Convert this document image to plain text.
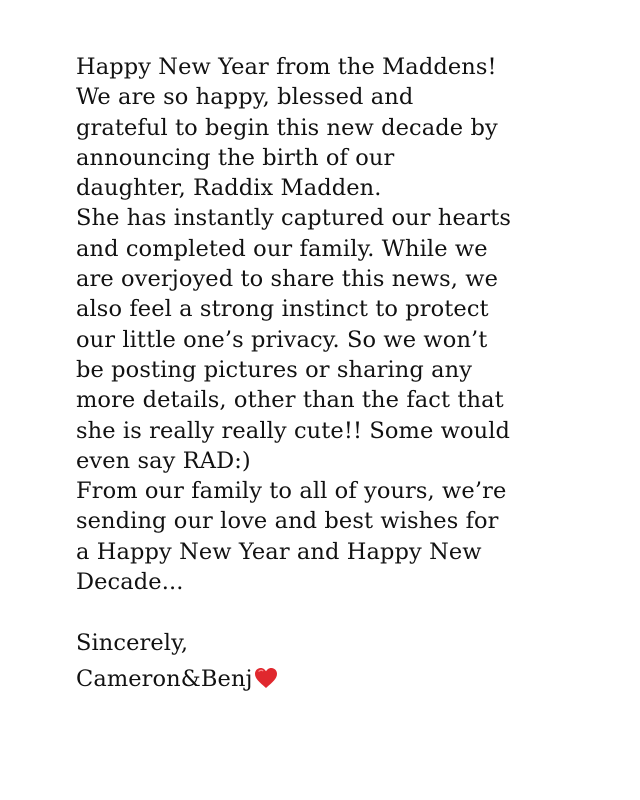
Happy New Year from the Maddens!
We are so happy, blessed and
grateful to begin this new decade by
announcing the birth of our
daughter, Raddix Madden.
She has instantly captured our hearts
and completed our family. While we
are overjoyed to share this news, we
also feel a strong instinct to protect
our little one’s privacy. So we won’t
be posting pictures or sharing any
more details, other than the fact that
she is really really cute!! Some would
even say RAD:)
From our family to all of yours, we’re
sending our love and best wishes for
a Happy New Year and Happy New
Decade...
Sincerely,
Cameron&Benj
